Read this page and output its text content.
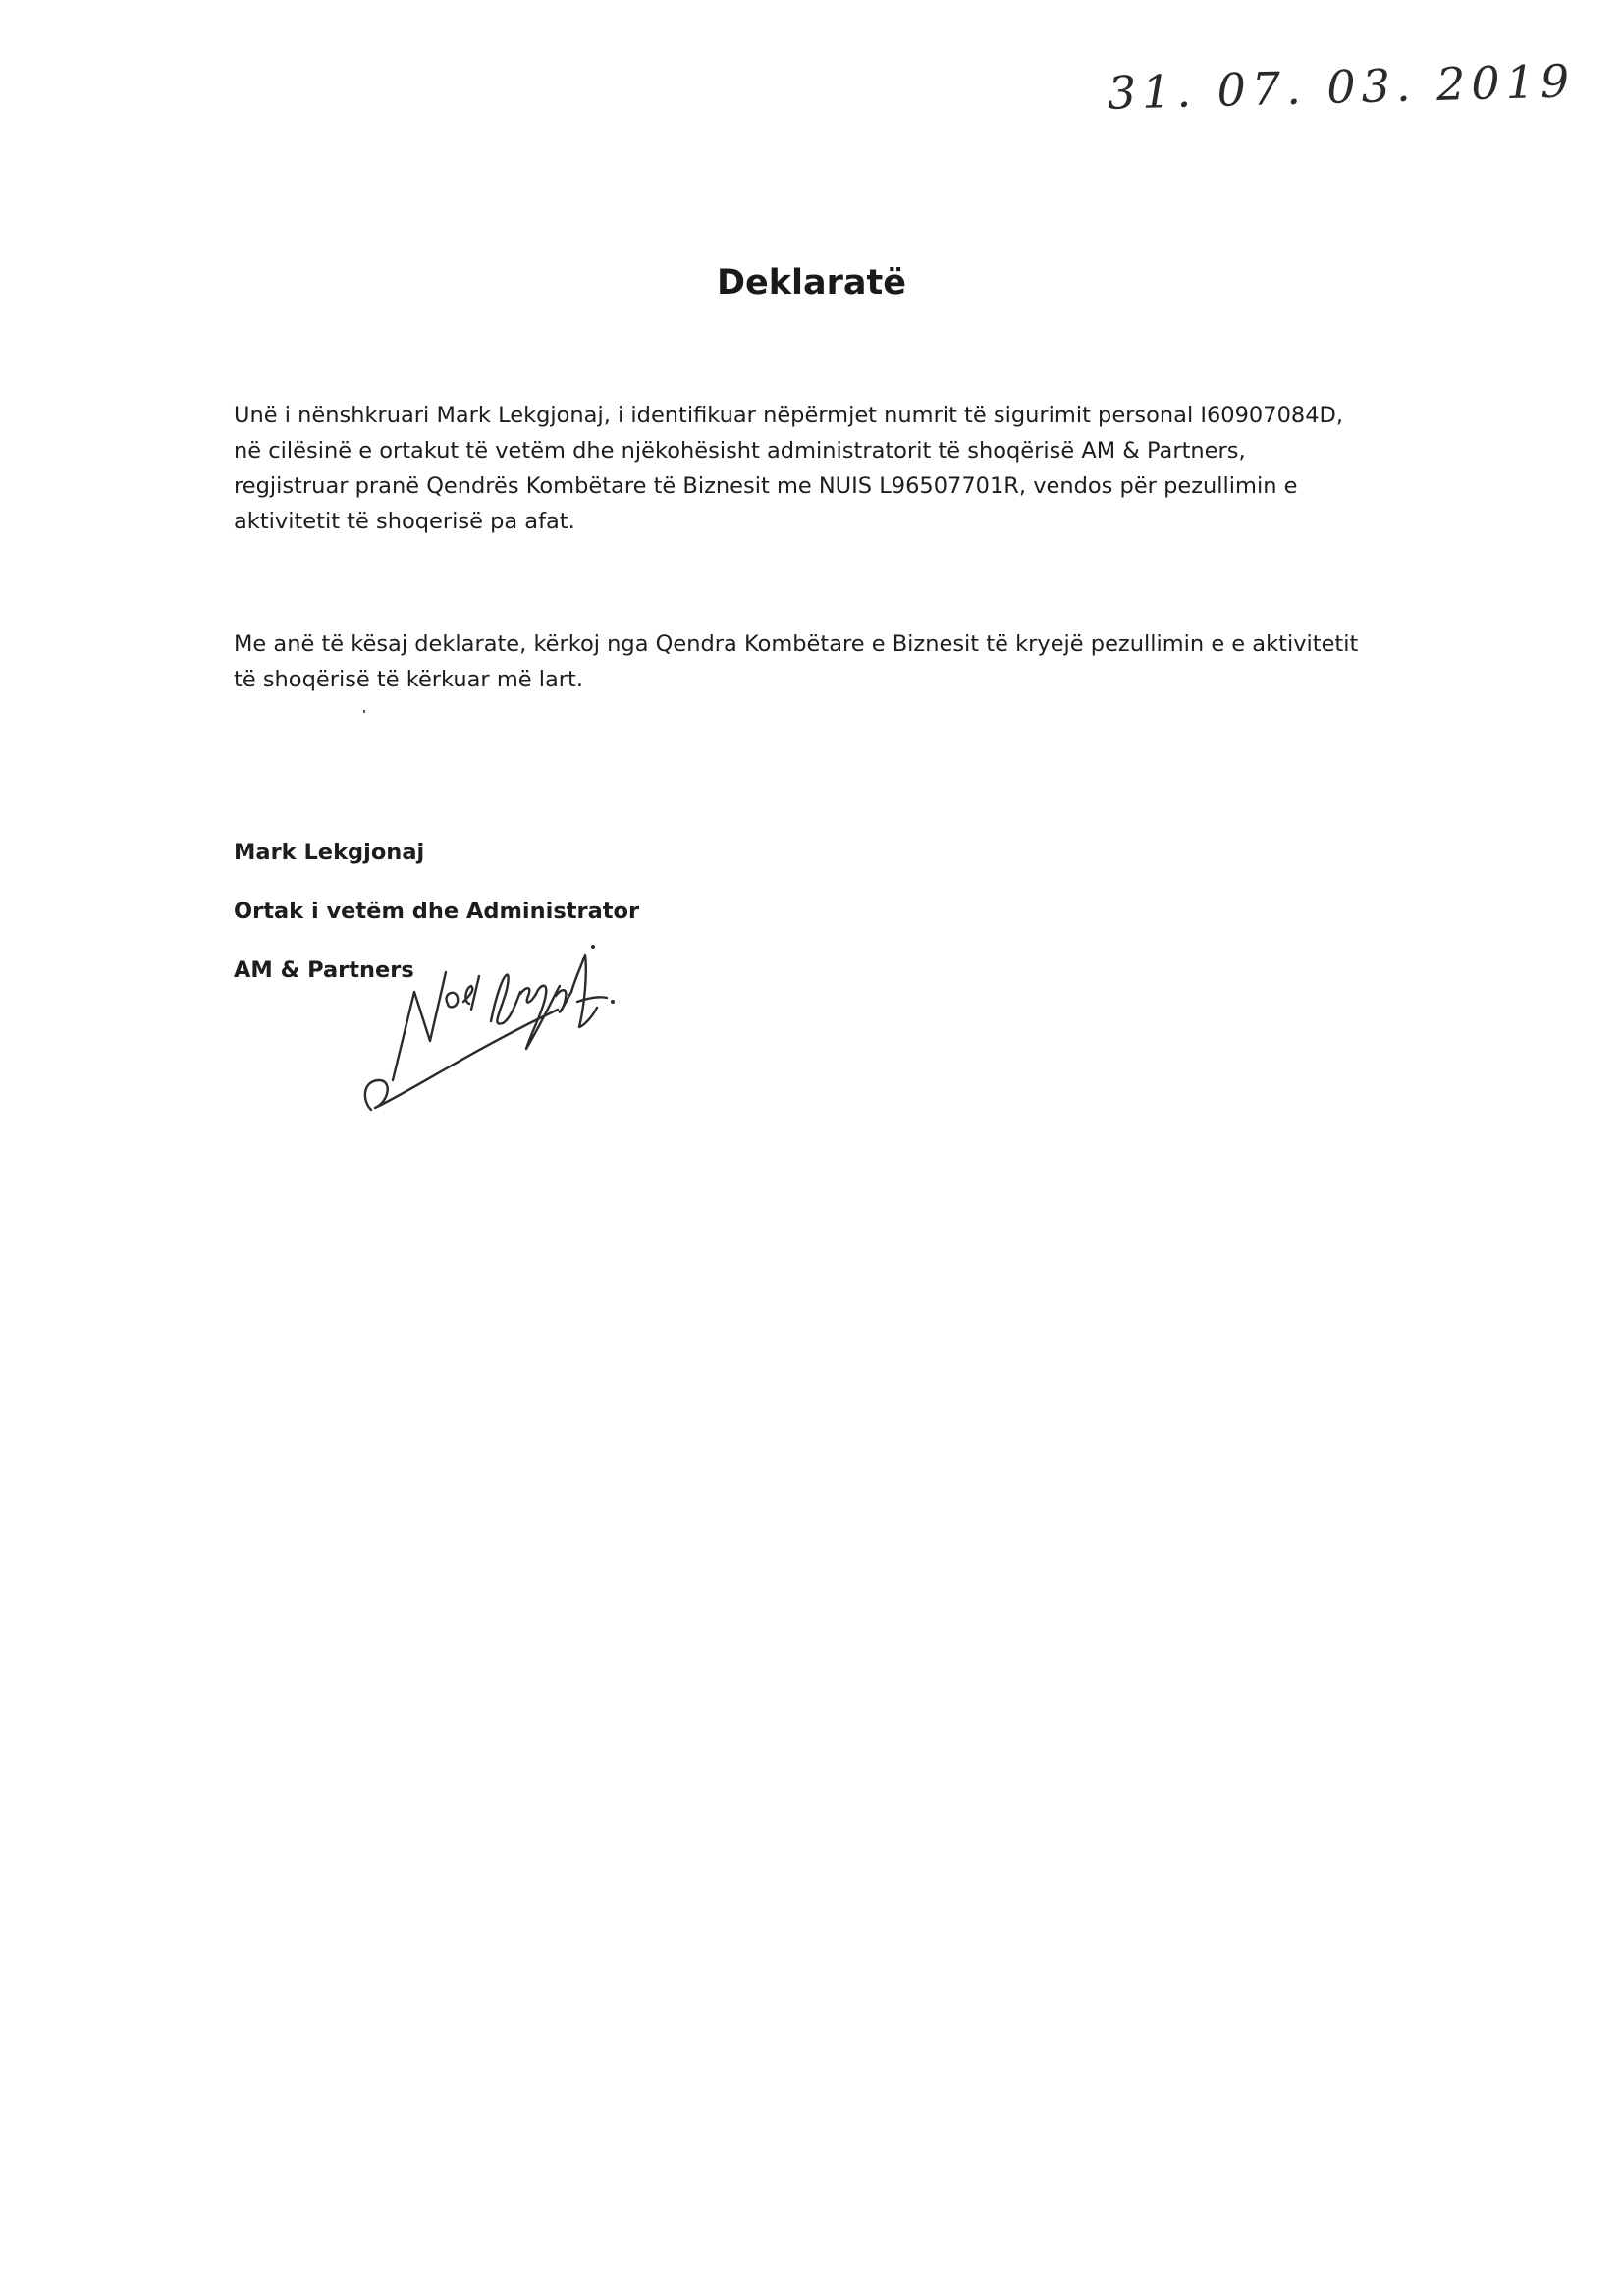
31. 07. 03. 2019
Deklaratë
Unë i nënshkruari Mark Lekgjonaj, i identifikuar nëpërmjet numrit të sigurimit personal I60907084D,
në cilësinë e ortakut të vetëm dhe njëkohësisht administratorit të shoqërisë AM & Partners,
regjistruar pranë Qendrës Kombëtare të Biznesit me NUIS L96507701R, vendos për pezullimin e
aktivitetit të shoqerisë pa afat.
Me anë të kësaj deklarate, kërkoj nga Qendra Kombëtare e Biznesit të kryejë pezullimin e e aktivitetit
të shoqërisë të kërkuar më lart.
Mark Lekgjonaj
Ortak i vetëm dhe Administrator
AM & Partners
